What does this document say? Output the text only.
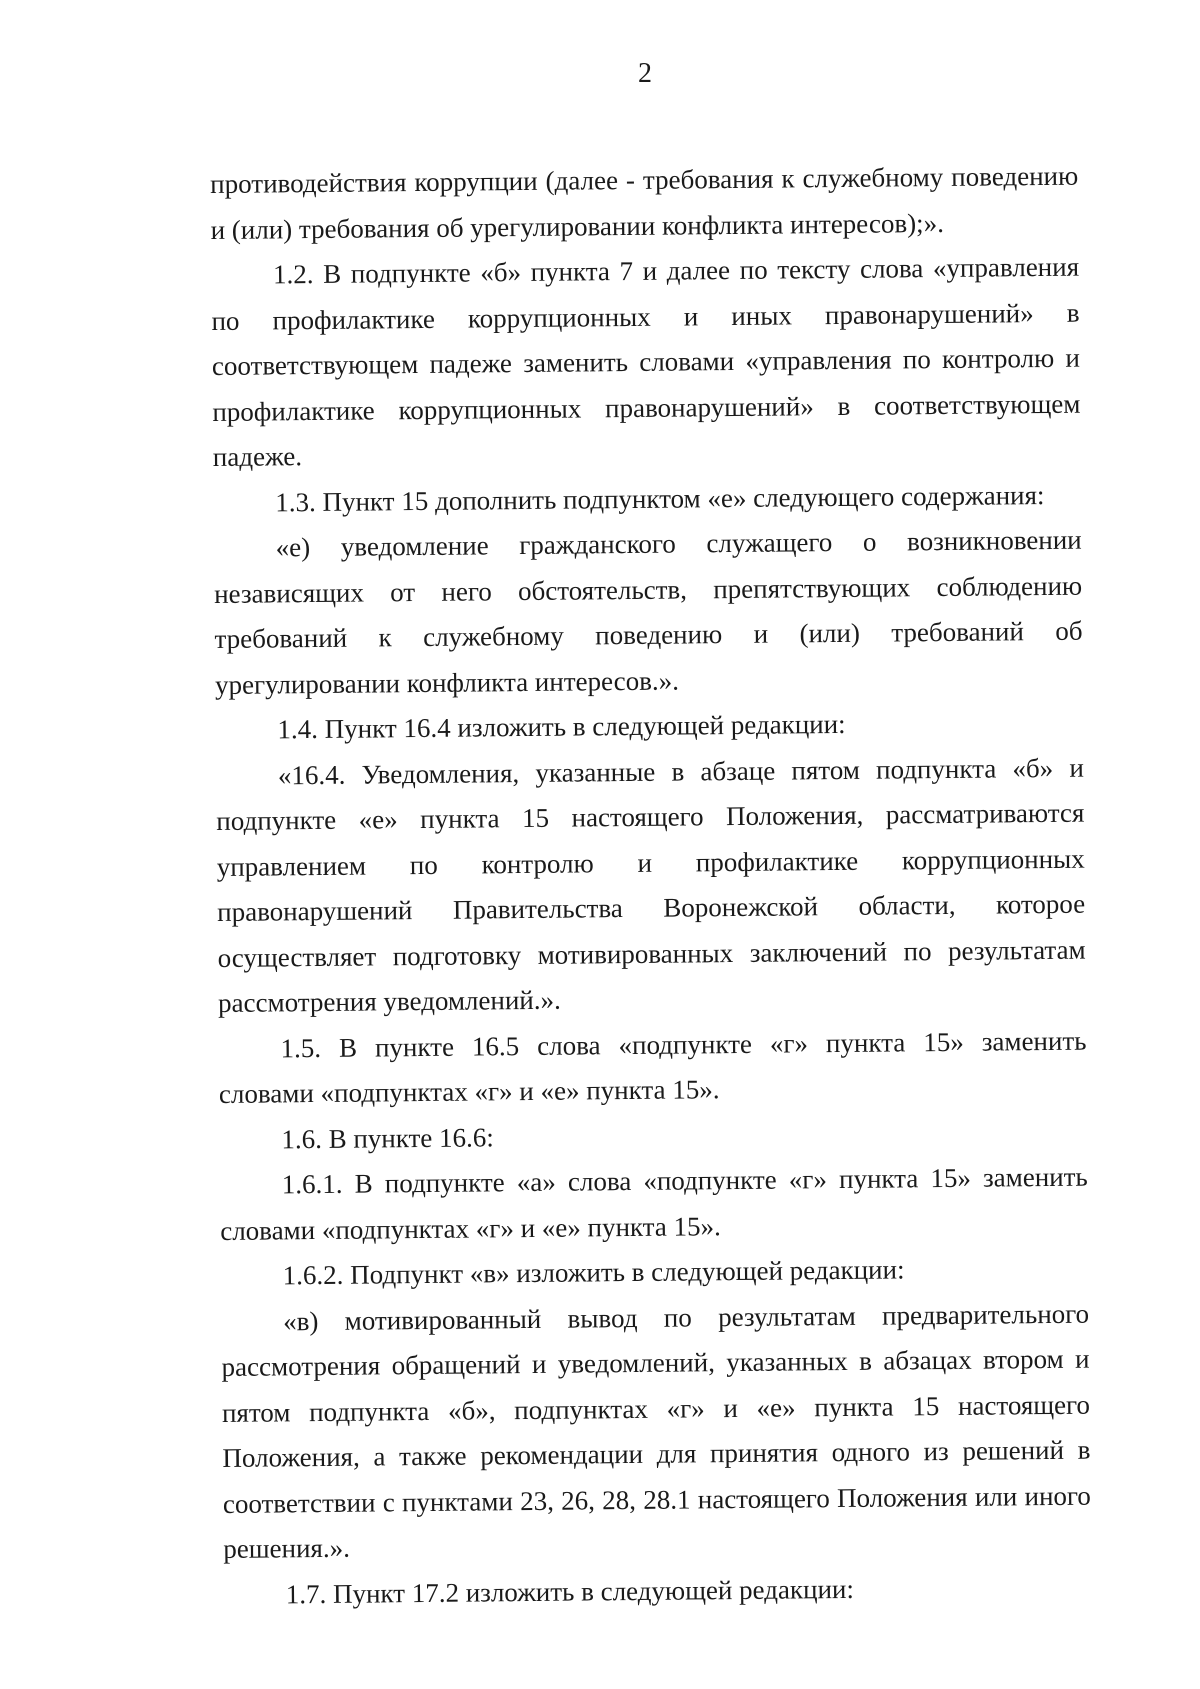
2

противодействия коррупции (далее - требования к служебному поведению и (или) требования об урегулировании конфликта интересов);».

1.2. В подпункте «б» пункта 7 и далее по тексту слова «управления по профилактике коррупционных и иных правонарушений» в соответствующем падеже заменить словами «управления по контролю и профилактике коррупционных правонарушений» в соответствующем падеже.

1.3. Пункт 15 дополнить подпунктом «е» следующего содержания:

«е) уведомление гражданского служащего о возникновении независящих от него обстоятельств, препятствующих соблюдению требований к служебному поведению и (или) требований об урегулировании конфликта интересов.».

1.4. Пункт 16.4 изложить в следующей редакции:

«16.4. Уведомления, указанные в абзаце пятом подпункта «б» и подпункте «е» пункта 15 настоящего Положения, рассматриваются управлением по контролю и профилактике коррупционных правонарушений Правительства Воронежской области, которое осуществляет подготовку мотивированных заключений по результатам рассмотрения уведомлений.».

1.5. В пункте 16.5 слова «подпункте «г» пункта 15» заменить словами «подпунктах «г» и «е» пункта 15».

1.6. В пункте 16.6:

1.6.1. В подпункте «а» слова «подпункте «г» пункта 15» заменить словами «подпунктах «г» и «е» пункта 15».

1.6.2. Подпункт «в» изложить в следующей редакции:

«в) мотивированный вывод по результатам предварительного рассмотрения обращений и уведомлений, указанных в абзацах втором и пятом подпункта «б», подпунктах «г» и «е» пункта 15 настоящего Положения, а также рекомендации для принятия одного из решений в соответствии с пунктами 23, 26, 28, 28.1 настоящего Положения или иного решения.».

1.7. Пункт 17.2 изложить в следующей редакции:
